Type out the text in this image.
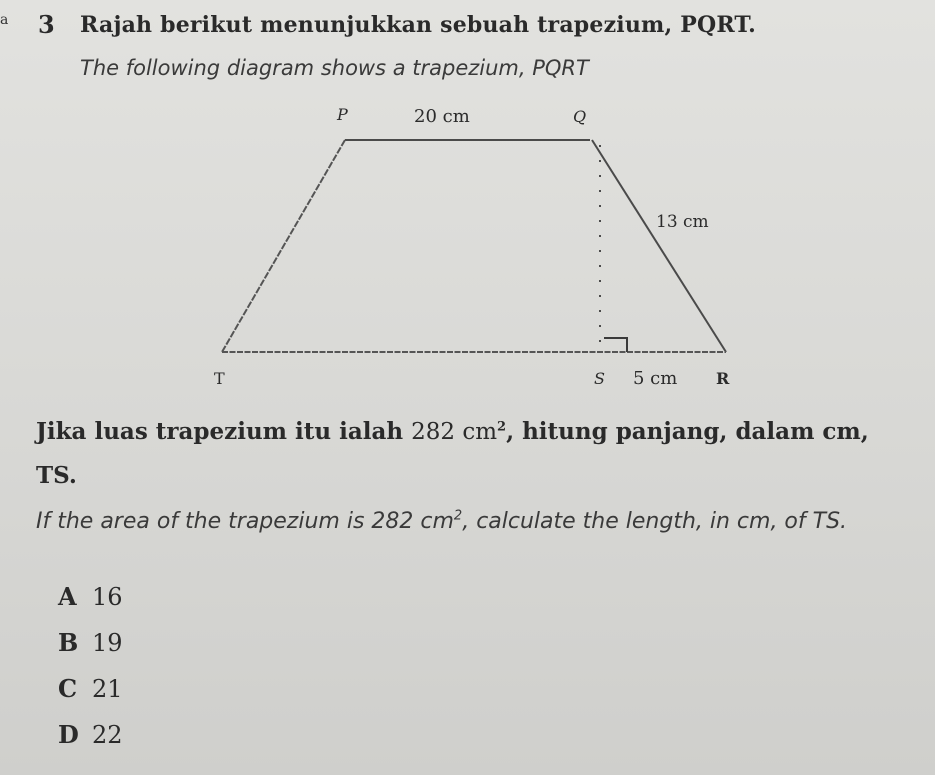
a 3 Rajah berikut menunjukkan sebuah trapezium, PQRT.
The following diagram shows a trapezium, PQRT
P	20 cm	Q
13 cm
T	S 5 cm R
Jika luas trapezium itu ialah 282 $cm^2$, hitung panjang, dalam cm, TS.
If the area of the trapezium is 282 $cm^2$, calculate the length, in cm, of TS.
A 16
B 19
C 21
D 22
